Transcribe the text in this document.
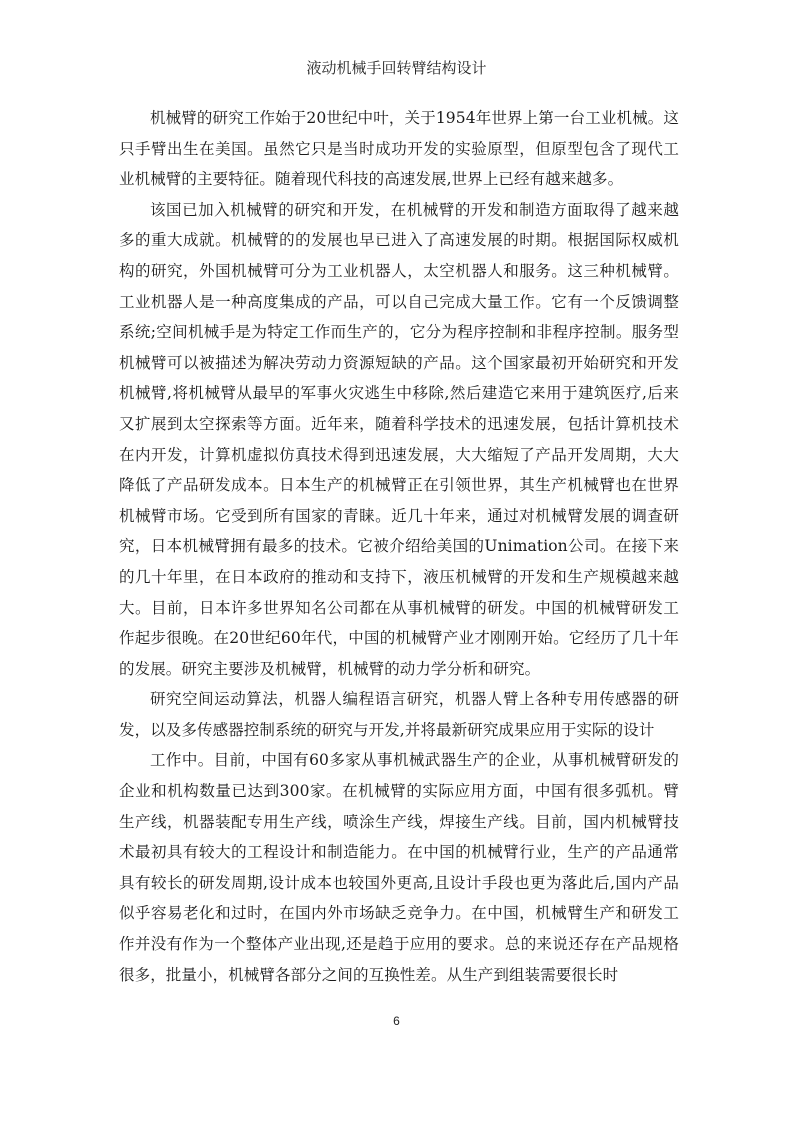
液动机械手回转臂结构设计

机械臂的研究工作始于20世纪中叶，关于1954年世界上第一台工业机械。这只手臂出生在美国。虽然它只是当时成功开发的实验原型，但原型包含了现代工业机械臂的主要特征。随着现代科技的高速发展,世界上已经有越来越多。

该国已加入机械臂的研究和开发，在机械臂的开发和制造方面取得了越来越多的重大成就。机械臂的的发展也早已进入了高速发展的时期。根据国际权威机构的研究，外国机械臂可分为工业机器人，太空机器人和服务。这三种机械臂。工业机器人是一种高度集成的产品，可以自己完成大量工作。它有一个反馈调整系统;空间机械手是为特定工作而生产的，它分为程序控制和非程序控制。服务型机械臂可以被描述为解决劳动力资源短缺的产品。这个国家最初开始研究和开发机械臂,将机械臂从最早的军事火灾逃生中移除,然后建造它来用于建筑医疗,后来又扩展到太空探索等方面。近年来，随着科学技术的迅速发展，包括计算机技术在内开发，计算机虚拟仿真技术得到迅速发展，大大缩短了产品开发周期，大大降低了产品研发成本。日本生产的机械臂正在引领世界，其生产机械臂也在世界机械臂市场。它受到所有国家的青睐。近几十年来，通过对机械臂发展的调查研究，日本机械臂拥有最多的技术。它被介绍给美国的Unimation公司。在接下来的几十年里，在日本政府的推动和支持下，液压机械臂的开发和生产规模越来越大。目前，日本许多世界知名公司都在从事机械臂的研发。中国的机械臂研发工作起步很晚。在20世纪60年代，中国的机械臂产业才刚刚开始。它经历了几十年的发展。研究主要涉及机械臂，机械臂的动力学分析和研究。

研究空间运动算法，机器人编程语言研究，机器人臂上各种专用传感器的研发，以及多传感器控制系统的研究与开发,并将最新研究成果应用于实际的设计

工作中。目前，中国有60多家从事机械武器生产的企业，从事机械臂研发的企业和机构数量已达到300家。在机械臂的实际应用方面，中国有很多弧机。臂生产线，机器装配专用生产线，喷涂生产线，焊接生产线。目前，国内机械臂技术最初具有较大的工程设计和制造能力。在中国的机械臂行业，生产的产品通常具有较长的研发周期,设计成本也较国外更高,且设计手段也更为落此后,国内产品似乎容易老化和过时，在国内外市场缺乏竞争力。在中国，机械臂生产和研发工作并没有作为一个整体产业出现,还是趋于应用的要求。总的来说还存在产品规格很多，批量小，机械臂各部分之间的互换性差。从生产到组装需要很长时

6
